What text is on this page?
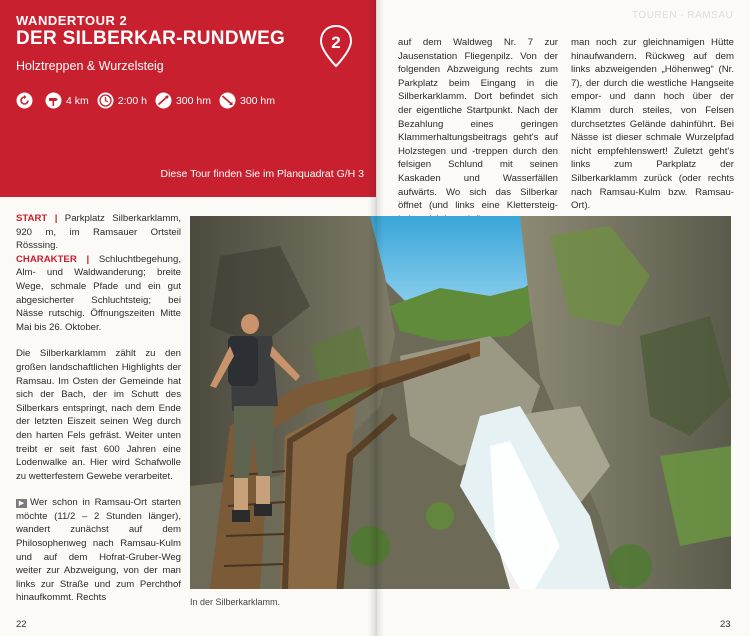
WANDERTOUR 2
DER SILBERKAR-RUNDWEG
Holztreppen & Wurzelsteig
2
4 km	2:00 h	300 hm	300 hm
Diese Tour finden Sie im Planquadrat G/H 3

START | Parkplatz Silberkarklamm, 920 m, im Ramsauer Ortsteil Rösssing.
CHARAKTER | Schluchtbegehung, Alm- und Waldwanderung; breite Wege, schmale Pfade und ein gut abgesicherter Schluchtsteig; bei Nässe rutschig. Öffnungszeiten Mitte Mai bis 26. Oktober.

Die Silberkarklamm zählt zu den großen landschaftlichen Highlights der Ramsau. Im Osten der Gemeinde hat sich der Bach, der im Schutt des Silberkars entspringt, nach dem Ende der letzten Eiszeit seinen Weg durch den harten Fels gefräst. Weiter unten treibt er seit fast 600 Jahren eine Lodenwalke an. Hier wird Schafwolle zu wetterfestem Gewebe verarbeitet.

▶ Wer schon in Ramsau-Ort starten möchte (11/2 – 2 Stunden länger), wandert zunächst auf dem Philosophenweg nach Ramsau-Kulm und auf dem Hofrat-Gruber-Weg weiter zur Abzweigung, von der man links zur Straße und zum Perchthof hinaufkommt. Rechts	In der Silberkarklamm.
TOUREN · RAMSAU
auf dem Waldweg Nr. 7 zur Jausenstation Fliegenpilz. Von der folgenden Abzweigung rechts zum Parkplatz beim Eingang in die Silberkarklamm. Dort befindet sich der eigentliche Startpunkt. Nach der Bezahlung eines geringen Klammerhaltungsbeitrags geht's auf Holzstegen und -treppen durch den felsigen Schlund mit seinen Kaskaden und Wasserfällen aufwärts. Wo sich das Silberkar öffnet (und links eine Klettersteig-
man noch zur gleichnamigen Hütte hinaufwandern. Rückweg auf dem links abzweigenden „Höhenweg“ (Nr. 7), der durch die westliche Hangseite empor- und dann hoch über der Klamm durch steiles, von Felsen durchsetztes Gelände dahinführt. Bei Nässe ist dieser schmale Wurzelpfad nicht empfehlenswert! Zuletzt geht's links zum Parkplatz der Silberkarklamm zurück (oder rechts nach Ramsau-Kulm bzw. Ramsau-Ort).
22	23
